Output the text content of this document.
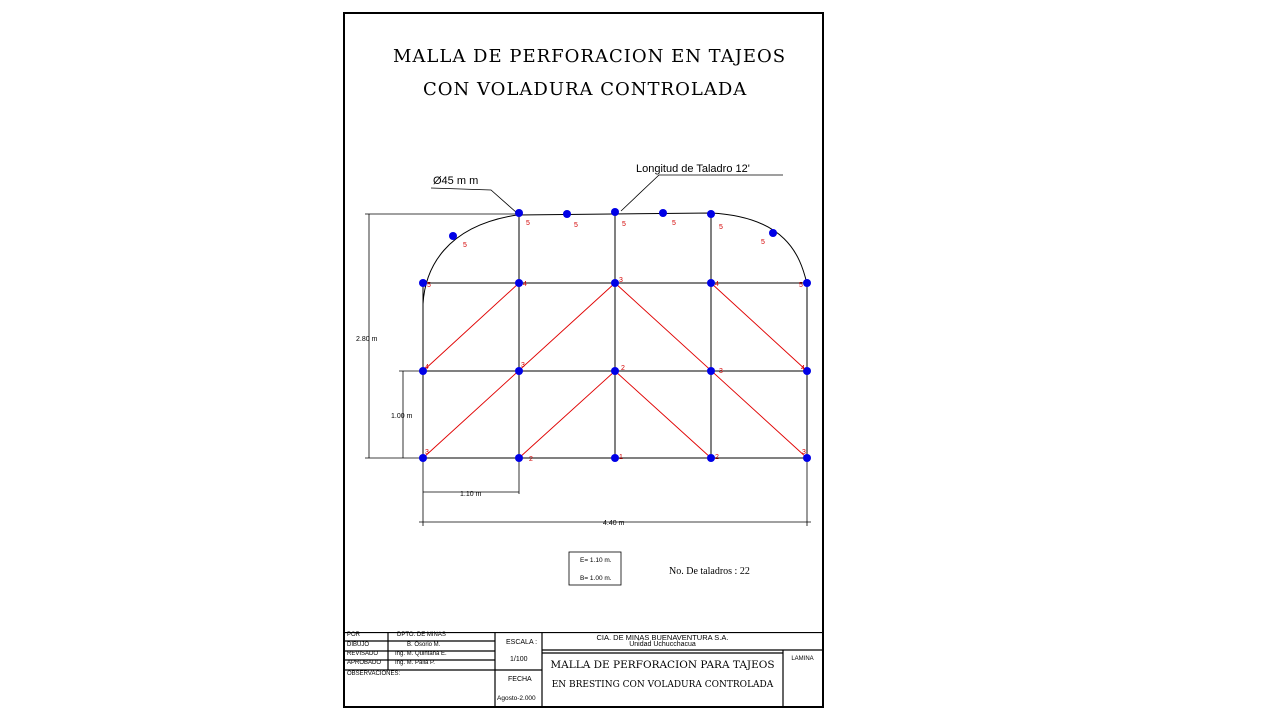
MALLA DE PERFORACION EN TAJEOS
CON VOLADURA CONTROLADA
3
2	1	2
3
4	3	2	3	4
5	4
3
4	5
5
5	5	5	5
5
5
Ø45 m m
Longitud de Taladro 12'
2.80 m
1.00 m
1.10 m
4.40 m
E= 1.10 m.
B= 1.00 m.
No. De taladros : 22
POR	DPTO. DE MINAS
DIBUJO	B. Osorio M.
REVISADO	Ing. M. Quintana E.
APROBADO Ing. M. Palla P.
OBSERVACIONES:
ESCALA :
1/100
FECHA
Agosto-2.000
CIA. DE MINAS BUENAVENTURA S.A.
Unidad Uchucchacua
MALLA DE PERFORACION PARA TAJEOS
EN BRESTING CON VOLADURA CONTROLADA
LAMINA
